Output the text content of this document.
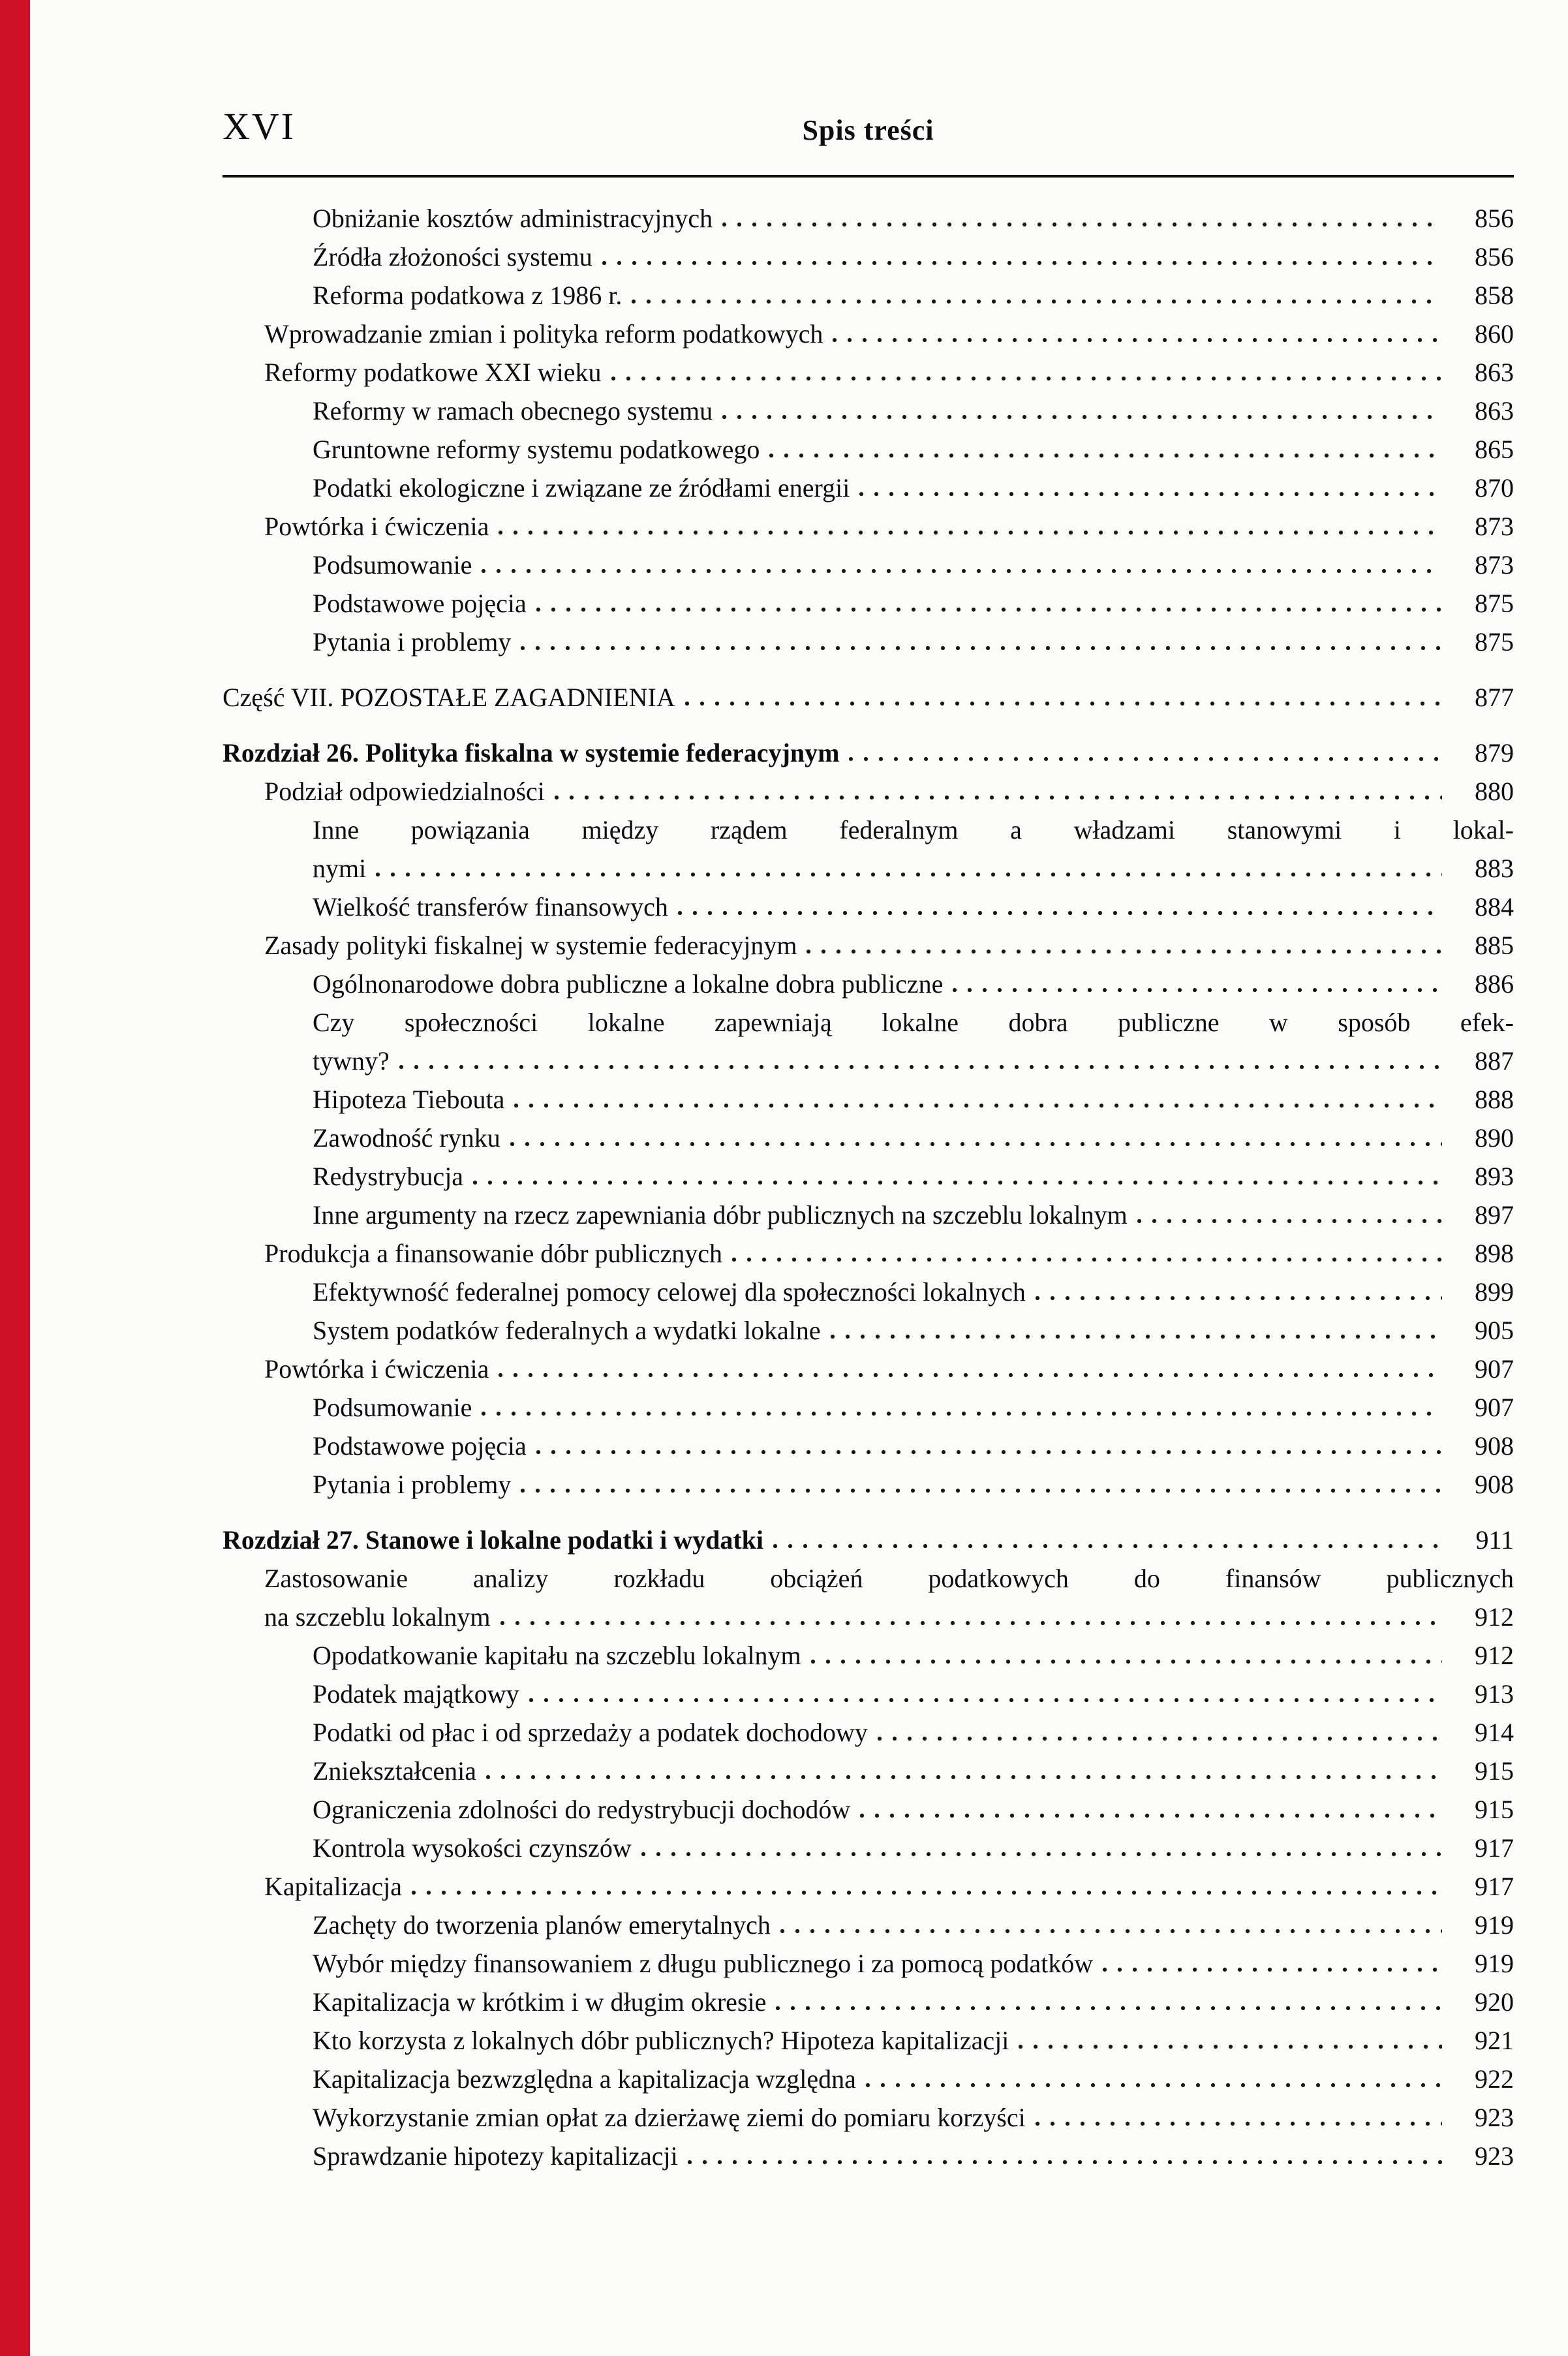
XVI	Spis treści
Obniżanie kosztów administracyjnych	856
Źródła złożoności systemu	856
Reforma podatkowa z 1986 r.	858
Wprowadzanie zmian i polityka reform podatkowych	860
Reformy podatkowe XXI wieku	863
Reformy w ramach obecnego systemu	863
Gruntowne reformy systemu podatkowego	865
Podatki ekologiczne i związane ze źródłami energii	870
Powtórka i ćwiczenia	873
Podsumowanie	873
Podstawowe pojęcia	875
Pytania i problemy	875
Część VII. POZOSTAŁE ZAGADNIENIA	877
Rozdział 26. Polityka fiskalna w systemie federacyjnym	879
Podział odpowiedzialności	880
Inne powiązania między rządem federalnym a władzami stanowymi i lokal-
nymi	883
Wielkość transferów finansowych	884
Zasady polityki fiskalnej w systemie federacyjnym	885
Ogólnonarodowe dobra publiczne a lokalne dobra publiczne	886
Czy społeczności lokalne zapewniają lokalne dobra publiczne w sposób efek-
tywny?	887
Hipoteza Tiebouta	888
Zawodność rynku	890
Redystrybucja	893
Inne argumenty na rzecz zapewniania dóbr publicznych na szczeblu lokalnym	897
Produkcja a finansowanie dóbr publicznych	898
Efektywność federalnej pomocy celowej dla społeczności lokalnych	899
System podatków federalnych a wydatki lokalne	905
Powtórka i ćwiczenia	907
Podsumowanie	907
Podstawowe pojęcia	908
Pytania i problemy	908
Rozdział 27. Stanowe i lokalne podatki i wydatki	911
Zastosowanie analizy rozkładu obciążeń podatkowych do finansów publicznych
na szczeblu lokalnym	912
Opodatkowanie kapitału na szczeblu lokalnym	912
Podatek majątkowy	913
Podatki od płac i od sprzedaży a podatek dochodowy	914
Zniekształcenia	915
Ograniczenia zdolności do redystrybucji dochodów	915
Kontrola wysokości czynszów	917
Kapitalizacja	917
Zachęty do tworzenia planów emerytalnych	919
Wybór między finansowaniem z długu publicznego i za pomocą podatków	919
Kapitalizacja w krótkim i w długim okresie	920
Kto korzysta z lokalnych dóbr publicznych? Hipoteza kapitalizacji	921
Kapitalizacja bezwzględna a kapitalizacja względna	922
Wykorzystanie zmian opłat za dzierżawę ziemi do pomiaru korzyści	923
Sprawdzanie hipotezy kapitalizacji	923
